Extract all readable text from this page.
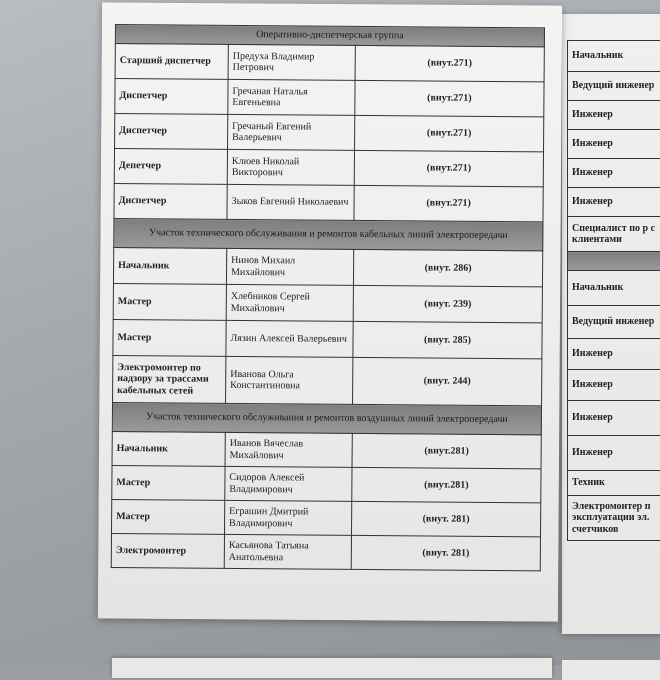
Оперативно-диспетчерская группа		
Старший диспетчер	Предуха Владимир Петрович	(внут.271)
Диспетчер	Гречаная Наталья Евгеньевна	(внут.271)
Диспетчер	Гречаный Евгений Валерьевич	(внут.271)
Депетчер	Клюев Николай Викторович	(внут.271)
Диспетчер	Зыков Евгений Николаевич	(внут.271)
Участок технического обслуживания и ремонтов кабельных линий электропередачи		
Начальник	Нинов Михаил Михайлович	(внут. 286)
Мастер	Хлебников Сергей Михайлович	(внут. 239)
Мастер	Лязин Алексей Валерьевич	(внут. 285)
Электромонтер по надзору за трассами кабельных сетей	Иванова Ольга Константиновна	(внут. 244)
Участок технического обслуживания и ремонтов воздушных линий электропередачи		
Начальник	Иванов Вячеслав Михайлович	(внут.281)
Мастер	Сидоров Алексей Владимирович	(внут.281)
Мастер	Еграшин Дмитрий Владимирович	(внут. 281)
Электромонтер	Касьянова Татьяна Анатольевна	(внут. 281)
Начальник
Ведущий инженер
Инженер
Инженер
Инженер
Инженер
Специалист по р с клиентами

Начальник
Ведущий инженер
Инженер
Инженер
Инженер
Инженер
Техник
Электромонтер п эксплуатации эл. счетчиков
